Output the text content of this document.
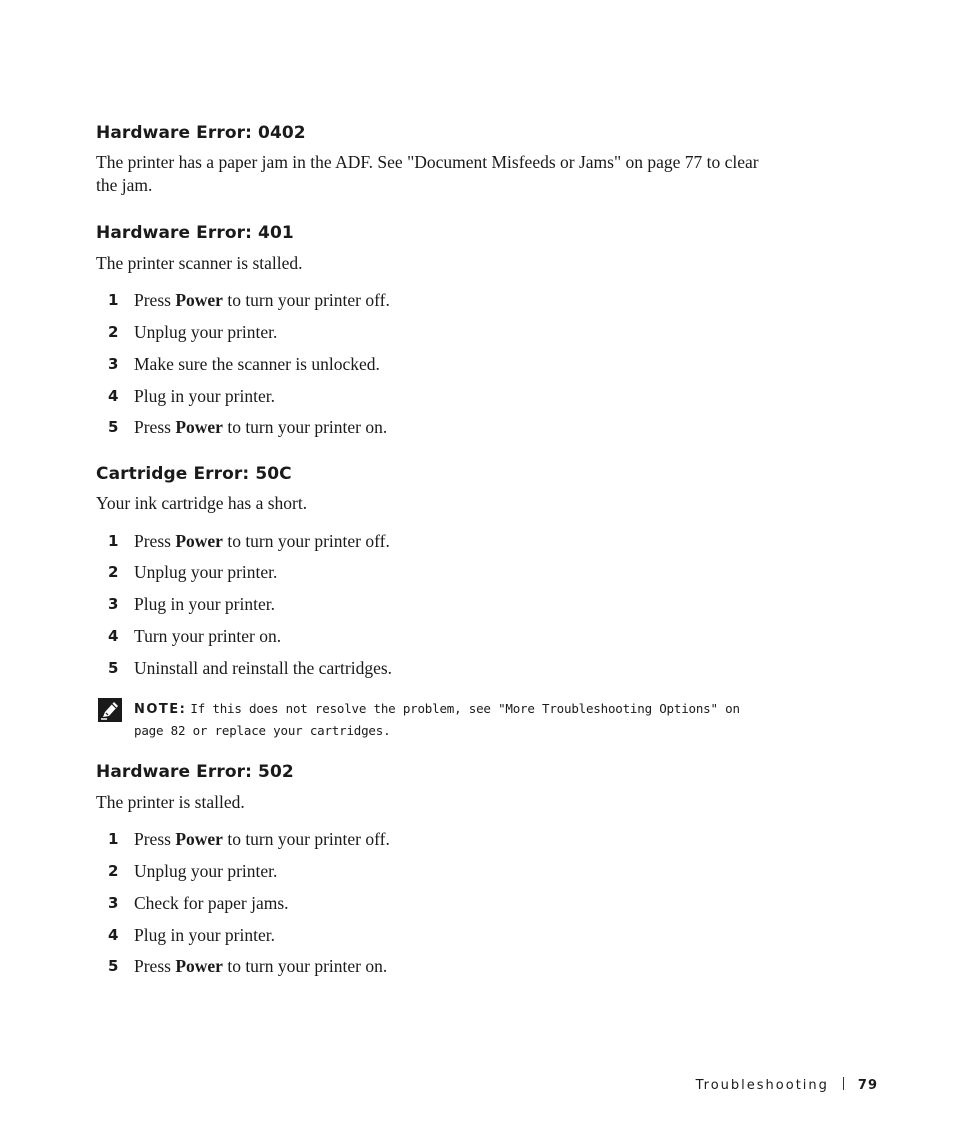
Hardware Error: 0402

The printer has a paper jam in the ADF. See "Document Misfeeds or Jams" on page 77 to clear the jam.

Hardware Error: 401

The printer scanner is stalled.

1 Press Power to turn your printer off.
2 Unplug your printer.
3 Make sure the scanner is unlocked.
4 Plug in your printer.
5 Press Power to turn your printer on.
Cartridge Error: 50C

Your ink cartridge has a short.

1 Press Power to turn your printer off.
2 Unplug your printer.
3 Plug in your printer.
4 Turn your printer on.
5 Uninstall and reinstall the cartridges.
NOTE: If this does not resolve the problem, see "More Troubleshooting Options" on page 82 or replace your cartridges.
Hardware Error: 502

The printer is stalled.

1 Press Power to turn your printer off.
2 Unplug your printer.
3 Check for paper jams.
4 Plug in your printer.
5 Press Power to turn your printer on.
Troubleshooting 79
